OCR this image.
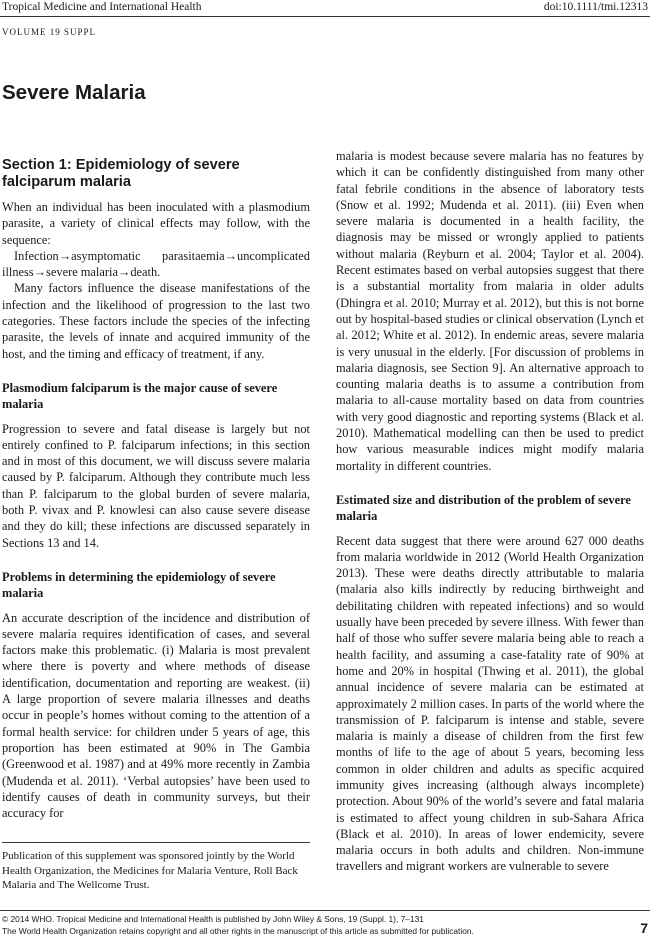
Tropical Medicine and International Health	doi:10.1111/tmi.12313
VOLUME 19 SUPPL
Severe Malaria
Section 1: Epidemiology of severe falciparum malaria

When an individual has been inoculated with a plasmodium parasite, a variety of clinical effects may follow, with the sequence:

Infection→asymptomatic parasitaemia→uncomplicated illness→severe malaria→death.

Many factors influence the disease manifestations of the infection and the likelihood of progression to the last two categories. These factors include the species of the infecting parasite, the levels of innate and acquired immunity of the host, and the timing and efficacy of treatment, if any.

Plasmodium falciparum is the major cause of severe malaria

Progression to severe and fatal disease is largely but not entirely confined to P. falciparum infections; in this section and in most of this document, we will discuss severe malaria caused by P. falciparum. Although they contribute much less than P. falciparum to the global burden of severe malaria, both P. vivax and P. knowlesi can also cause severe disease and they do kill; these infections are discussed separately in Sections 13 and 14.

Problems in determining the epidemiology of severe malaria

An accurate description of the incidence and distribution of severe malaria requires identification of cases, and several factors make this problematic. (i) Malaria is most prevalent where there is poverty and where methods of disease identification, documentation and reporting are weakest. (ii) A large proportion of severe malaria illnesses and deaths occur in people’s homes without coming to the attention of a formal health service: for children under 5 years of age, this proportion has been estimated at 90% in The Gambia (Greenwood et al. 1987) and at 49% more recently in Zambia (Mudenda et al. 2011). ‘Verbal autopsies’ have been used to identify causes of death in community surveys, but their accuracy for

malaria is modest because severe malaria has no features by which it can be confidently distinguished from many other fatal febrile conditions in the absence of laboratory tests (Snow et al. 1992; Mudenda et al. 2011). (iii) Even when severe malaria is documented in a health facility, the diagnosis may be missed or wrongly applied to patients without malaria (Reyburn et al. 2004; Taylor et al. 2004). Recent estimates based on verbal autopsies suggest that there is a substantial mortality from malaria in older adults (Dhingra et al. 2010; Murray et al. 2012), but this is not borne out by hospital-based studies or clinical observation (Lynch et al. 2012; White et al. 2012). In endemic areas, severe malaria is very unusual in the elderly. [For discussion of problems in malaria diagnosis, see Section 9]. An alternative approach to counting malaria deaths is to assume a contribution from malaria to all-cause mortality based on data from countries with very good diagnostic and reporting systems (Black et al. 2010). Mathematical modelling can then be used to predict how various measurable indices might modify malaria mortality in different countries.

Estimated size and distribution of the problem of severe malaria

Recent data suggest that there were around 627 000 deaths from malaria worldwide in 2012 (World Health Organization 2013). These were deaths directly attributable to malaria (malaria also kills indirectly by reducing birthweight and debilitating children with repeated infections) and so would usually have been preceded by severe illness. With fewer than half of those who suffer severe malaria being able to reach a health facility, and assuming a case-fatality rate of 90% at home and 20% in hospital (Thwing et al. 2011), the global annual incidence of severe malaria can be estimated at approximately 2 million cases. In parts of the world where the transmission of P. falciparum is intense and stable, severe malaria is mainly a disease of children from the first few months of life to the age of about 5 years, becoming less common in older children and adults as specific acquired immunity gives increasing (although always incomplete) protection. About 90% of the world’s severe and fatal malaria is estimated to affect young children in sub-Sahara Africa (Black et al. 2010). In areas of lower endemicity, severe malaria occurs in both adults and children. Non-immune travellers and migrant workers are vulnerable to severe

Publication of this supplement was sponsored jointly by the World Health Organization, the Medicines for Malaria Venture, Roll Back Malaria and The Wellcome Trust.
© 2014 WHO. Tropical Medicine and International Health is published by John Wiley & Sons, 19 (Suppl. 1), 7–131
The World Health Organization retains copyright and all other rights in the manuscript of this article as submitted for publication.	7
